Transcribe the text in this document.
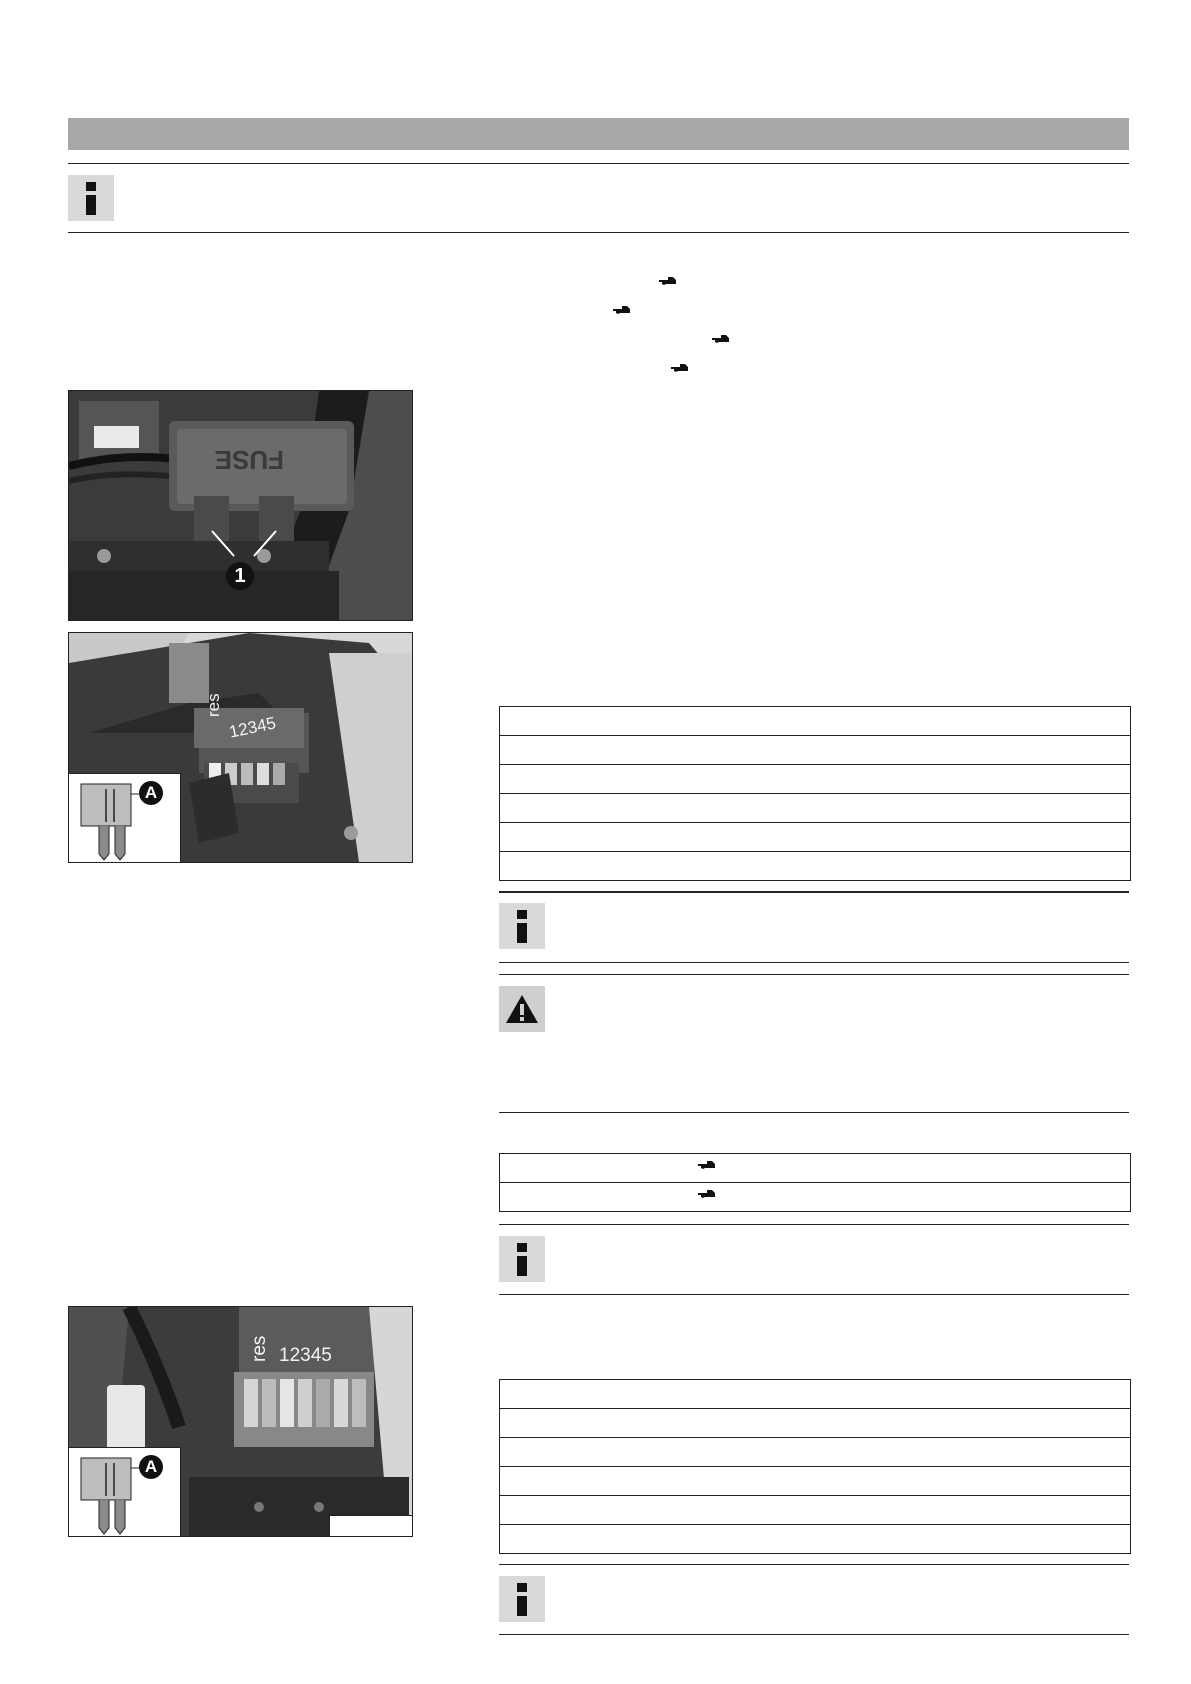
FUSE
1
res
12345
A
res 12345
A
